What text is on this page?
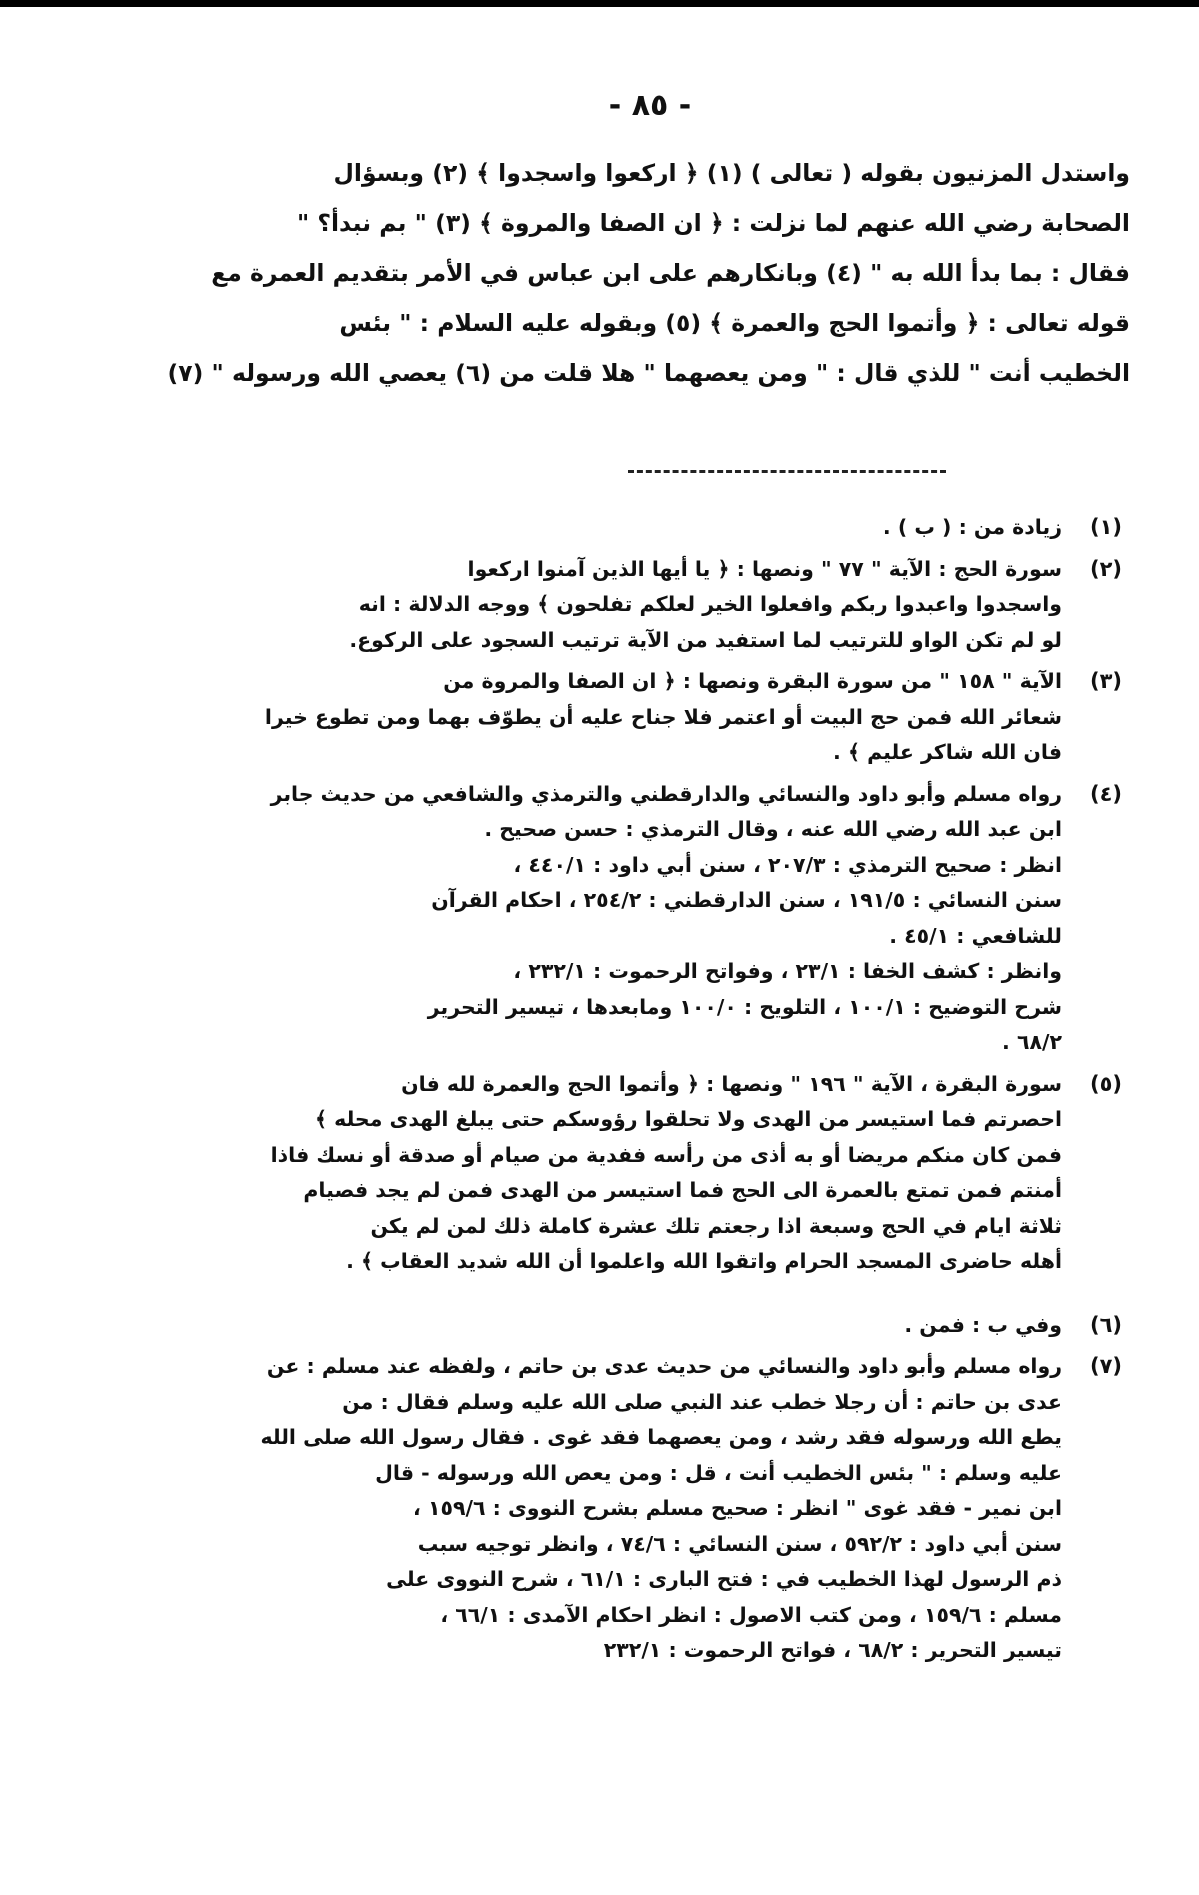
- ٨٥ -
واستدل المزنيون بقوله ( تعالى ) (١) ﴿ اركعوا واسجدوا ﴾ (٢) وبسؤال
الصحابة رضي الله عنهم لما نزلت : ﴿ ان الصفا والمروة ﴾ (٣) " بم نبدأ؟ "
فقال : بما بدأ الله به " (٤) وبانكارهم على ابن عباس في الأمر بتقديم العمرة مع
قوله تعالى : ﴿ وأتموا الحج والعمرة ﴾ (٥) وبقوله عليه السلام : " بئس
الخطيب أنت " للذي قال : " ومن يعصهما " هلا قلت من (٦) يعصي الله ورسوله " (٧)
(١)
زيادة من : ( ب ) .
(٢)
سورة الحج : الآية " ٧٧ " ونصها : ﴿ يا أيها الذين آمنوا اركعوا
واسجدوا واعبدوا ربكم وافعلوا الخير لعلكم تفلحون ﴾ ووجه الدلالة : انه
لو لم تكن الواو للترتيب لما استفيد من الآية ترتيب السجود على الركوع.
(٣)
الآية " ١٥٨ " من سورة البقرة ونصها : ﴿ ان الصفا والمروة من
شعائر الله فمن حج البيت أو اعتمر فلا جناح عليه أن يطوّف بهما ومن تطوع خيرا
فان الله شاكر عليم ﴾ .
(٤)
رواه مسلم وأبو داود والنسائي والدارقطني والترمذي والشافعي من حديث جابر
ابن عبد الله رضي الله عنه ، وقال الترمذي : حسن صحيح .
انظر : صحيح الترمذي : ٢٠٧/٣ ، سنن أبي داود : ٤٤٠/١ ،
سنن النسائي : ١٩١/٥ ، سنن الدارقطني : ٢٥٤/٢ ، احكام القرآن
للشافعي : ٤٥/١ .
وانظر : كشف الخفا : ٢٣/١ ، وفواتح الرحموت : ٢٣٢/١ ،
شرح التوضيح : ١٠٠/١ ، التلويح : ١٠٠/٠ ومابعدها ، تيسير التحرير
٦٨/٢ .
(٥)
سورة البقرة ، الآية " ١٩٦ " ونصها : ﴿ وأتموا الحج والعمرة لله فان
احصرتم فما استيسر من الهدى ولا تحلقوا رؤوسكم حتى يبلغ الهدى محله ﴾
فمن كان منكم مريضا أو به أذى من رأسه ففدية من صيام أو صدقة أو نسك فاذا
أمنتم فمن تمتع بالعمرة الى الحج فما استيسر من الهدى فمن لم يجد فصيام
ثلاثة ايام في الحج وسبعة اذا رجعتم تلك عشرة كاملة ذلك لمن لم يكن
أهله حاضرى المسجد الحرام واتقوا الله واعلموا أن الله شديد العقاب ﴾ .
(٦)
وفي ب : فمن .
(٧)
رواه مسلم وأبو داود والنسائي من حديث عدى بن حاتم ، ولفظه عند مسلم : عن
عدى بن حاتم : أن رجلا خطب عند النبي صلى الله عليه وسلم فقال : من
يطع الله ورسوله فقد رشد ، ومن يعصهما فقد غوى . فقال رسول الله صلى الله
عليه وسلم : " بئس الخطيب أنت ، قل : ومن يعص الله ورسوله - قال
ابن نمير - فقد غوى " انظر : صحيح مسلم بشرح النووى : ١٥٩/٦ ،
سنن أبي داود : ٥٩٢/٢ ، سنن النسائي : ٧٤/٦ ، وانظر توجيه سبب
ذم الرسول لهذا الخطيب في : فتح البارى : ٦١/١ ، شرح النووى على
مسلم : ١٥٩/٦ ، ومن كتب الاصول : انظر احكام الآمدى : ٦٦/١ ،
تيسير التحرير : ٦٨/٢ ، فواتح الرحموت : ٢٣٢/١
